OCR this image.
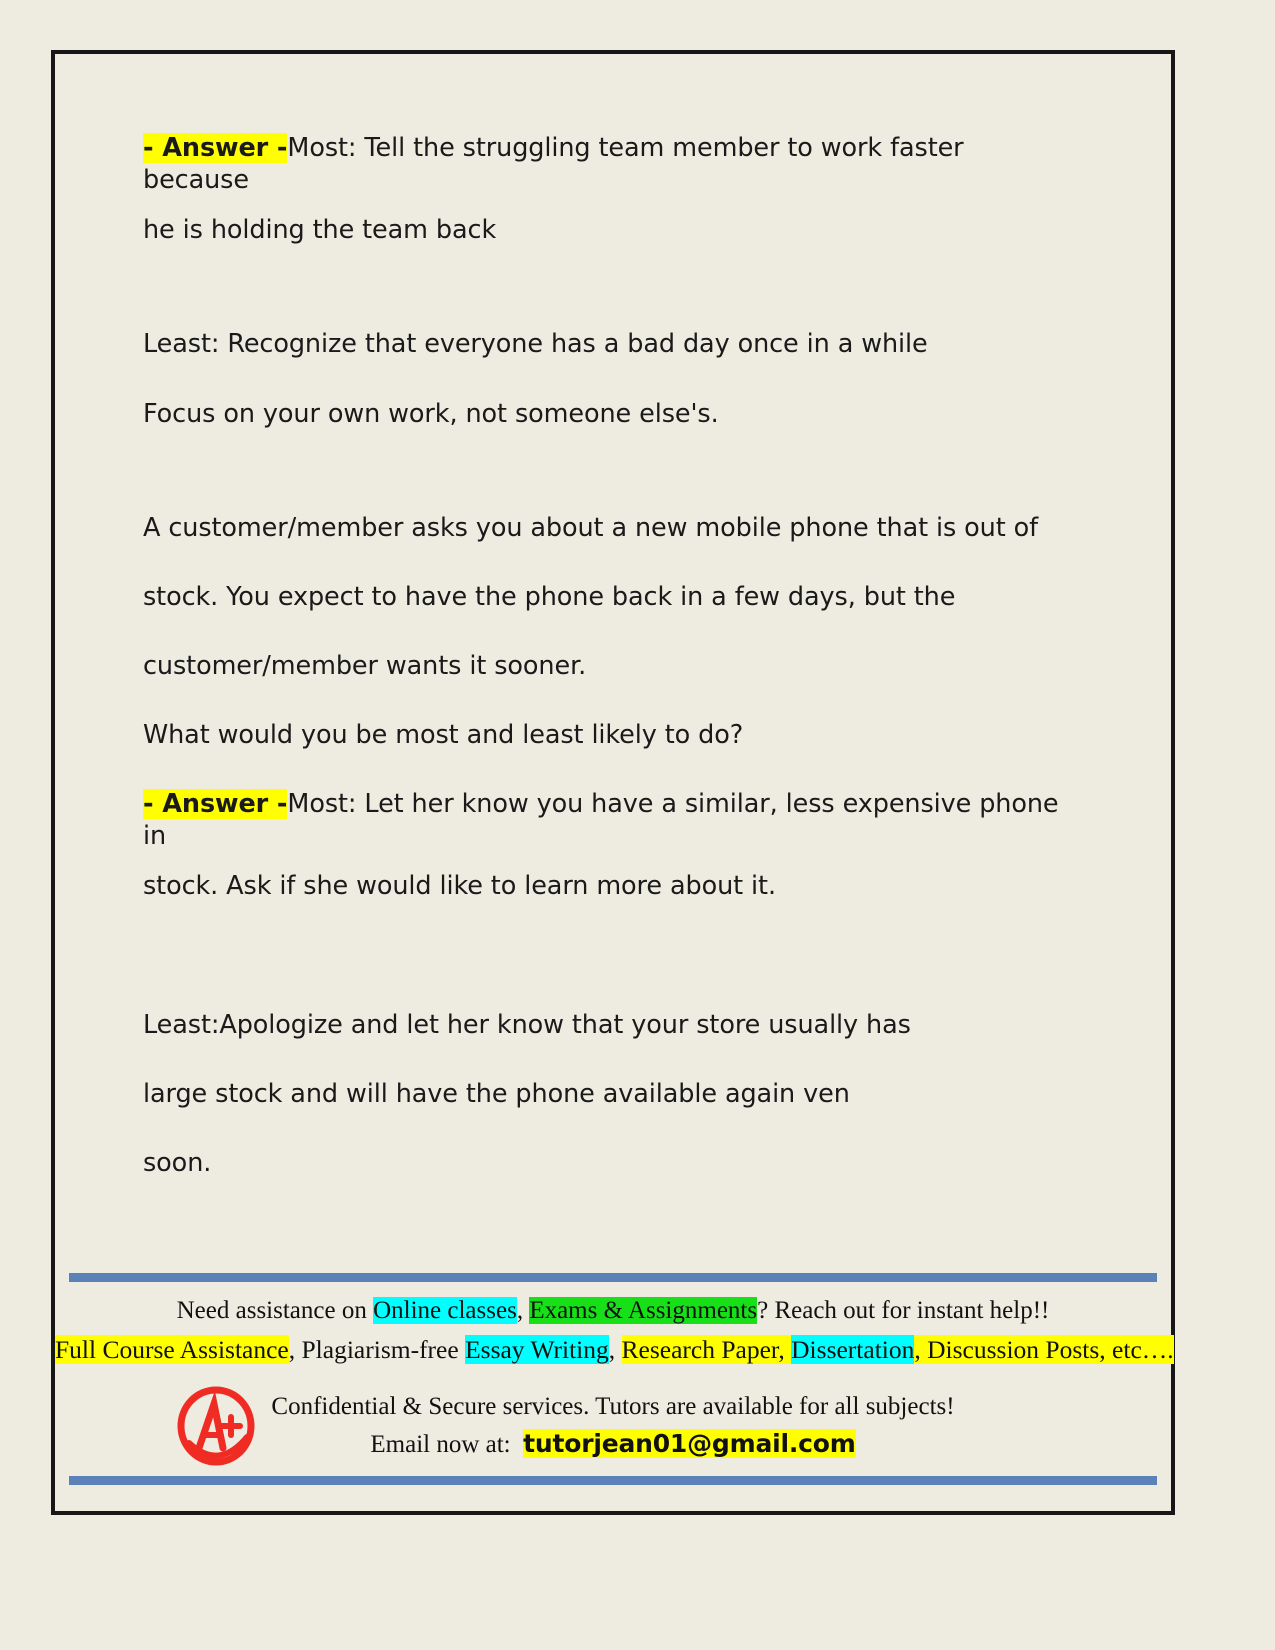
- Answer -Most: Tell the struggling team member to work faster
because
he is holding the team back
Least: Recognize that everyone has a bad day once in a while
Focus on your own work, not someone else's.
A customer/member asks you about a new mobile phone that is out of
stock. You expect to have the phone back in a few days, but the
customer/member wants it sooner.
What would you be most and least likely to do?
- Answer -Most: Let her know you have a similar, less expensive phone
in
stock. Ask if she would like to learn more about it.
Least:Apologize and let her know that your store usually has
large stock and will have the phone available again ven
soon.
Need assistance on Online classes, Exams & Assignments? Reach out for instant help!!
Full Course Assistance, Plagiarism-free Essay Writing, Research Paper, Dissertation, Discussion Posts, etc….
Confidential & Secure services. Tutors are available for all subjects!
Email now at: tutorjean01@gmail.com
